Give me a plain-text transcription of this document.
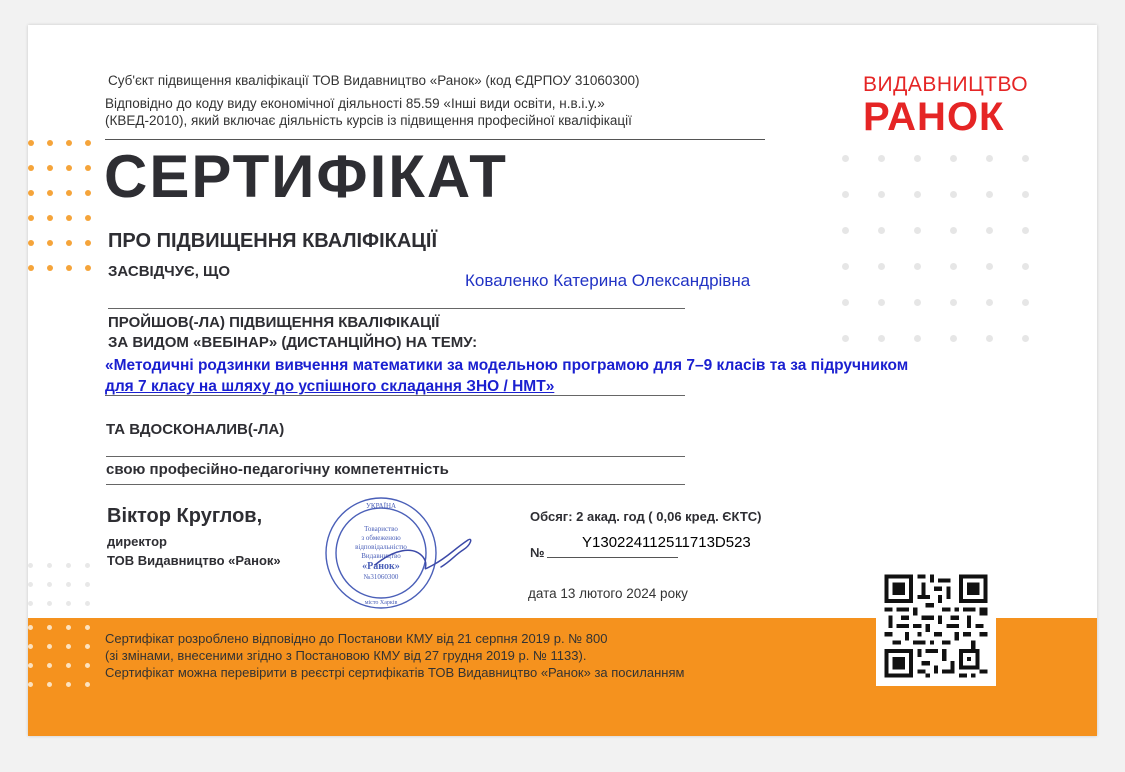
Суб'єкт підвищення кваліфікації ТОВ Видавництво «Ранок» (код ЄДРПОУ 31060300)
Відповідно до коду виду економічної діяльності 85.59 «Інші види освіти, н.в.і.у.»
(КВЕД-2010), який включає діяльність курсів із підвищення професійної кваліфікації
ВИДАВНИЦТВО
РАНОК
СЕРТИФІКАТ
ПРО ПІДВИЩЕННЯ КВАЛІФІКАЦІЇ
ЗАСВІДЧУЄ, ЩО	Коваленко Катерина Олександрівна
ПРОЙШОВ(-ЛА) ПІДВИЩЕННЯ КВАЛІФІКАЦІЇ
ЗА ВИДОМ «ВЕБІНАР» (ДИСТАНЦІЙНО) НА ТЕМУ:
«Методичні родзинки вивчення математики за модельною програмою для 7–9 класів та за підручником
для 7 класу на шляху до успішного складання ЗНО / НМТ»
ТА ВДОСКОНАЛИВ(-ЛА)
свою професійно-педагогічну компетентність
Віктор Круглов,
директор
ТОВ Видавництво «Ранок»
УКРАЇНА
Товариство
з обмеженою
відповідальністю
Видавництво
«Ранок»
№31060300
місто Харків
Обсяг: 2 акад. год ( 0,06 кред. ЄКТС)
№
Y130224112511713D523
дата 13 лютого 2024 року
Сертифікат розроблено відповідно до Постанови КМУ від 21 серпня 2019 р. № 800
(зі змінами, внесеними згідно з Постановою КМУ від 27 грудня 2019 р. № 1133).
Сертифікат можна перевірити в реєстрі сертифікатів ТОВ Видавництво «Ранок» за посиланням
